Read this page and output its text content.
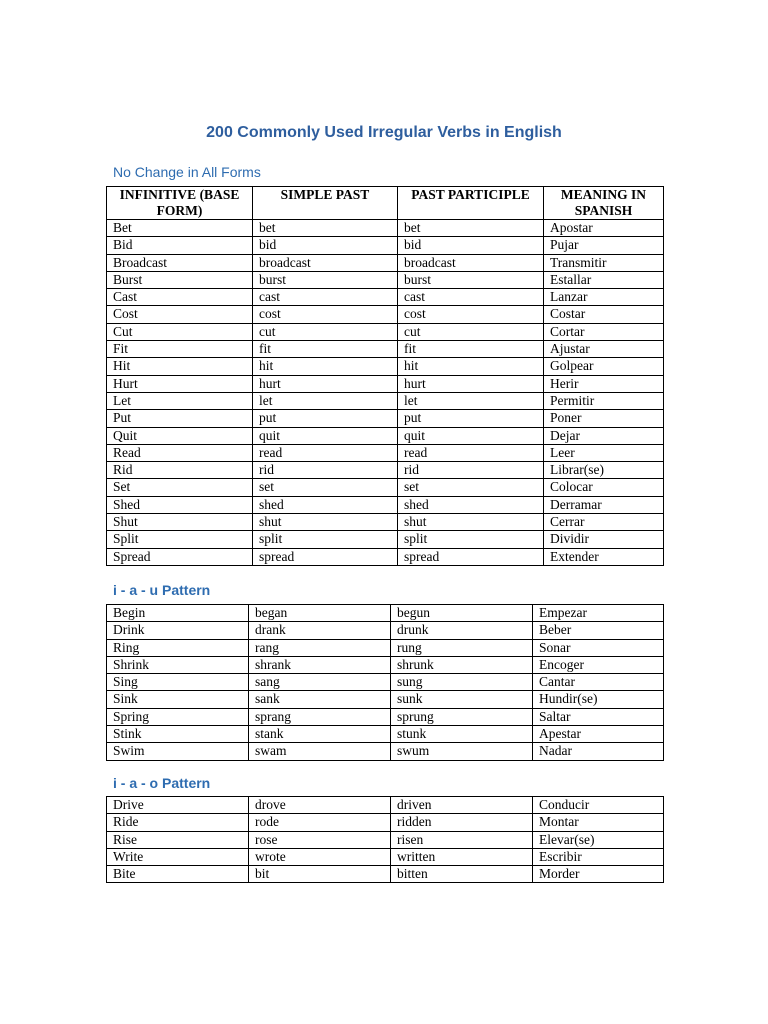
200 Commonly Used Irregular Verbs in English
No Change in All Forms
INFINITIVE (BASE FORM)	SIMPLE PAST	PAST PARTICIPLE	MEANING IN SPANISH
Bet	bet	bet	Apostar
Bid	bid	bid	Pujar
Broadcast	broadcast	broadcast	Transmitir
Burst	burst	burst	Estallar
Cast	cast	cast	Lanzar
Cost	cost	cost	Costar
Cut	cut	cut	Cortar
Fit	fit	fit	Ajustar
Hit	hit	hit	Golpear
Hurt	hurt	hurt	Herir
Let	let	let	Permitir
Put	put	put	Poner
Quit	quit	quit	Dejar
Read	read	read	Leer
Rid	rid	rid	Librar(se)
Set	set	set	Colocar
Shed	shed	shed	Derramar
Shut	shut	shut	Cerrar
Split	split	split	Dividir
Spread	spread	spread	Extender
i - a - u Pattern
Begin	began	begun	Empezar
Drink	drank	drunk	Beber
Ring	rang	rung	Sonar
Shrink	shrank	shrunk	Encoger
Sing	sang	sung	Cantar
Sink	sank	sunk	Hundir(se)
Spring	sprang	sprung	Saltar
Stink	stank	stunk	Apestar
Swim	swam	swum	Nadar
i - a - o Pattern
Drive	drove	driven	Conducir
Ride	rode	ridden	Montar
Rise	rose	risen	Elevar(se)
Write	wrote	written	Escribir
Bite	bit	bitten	Morder
